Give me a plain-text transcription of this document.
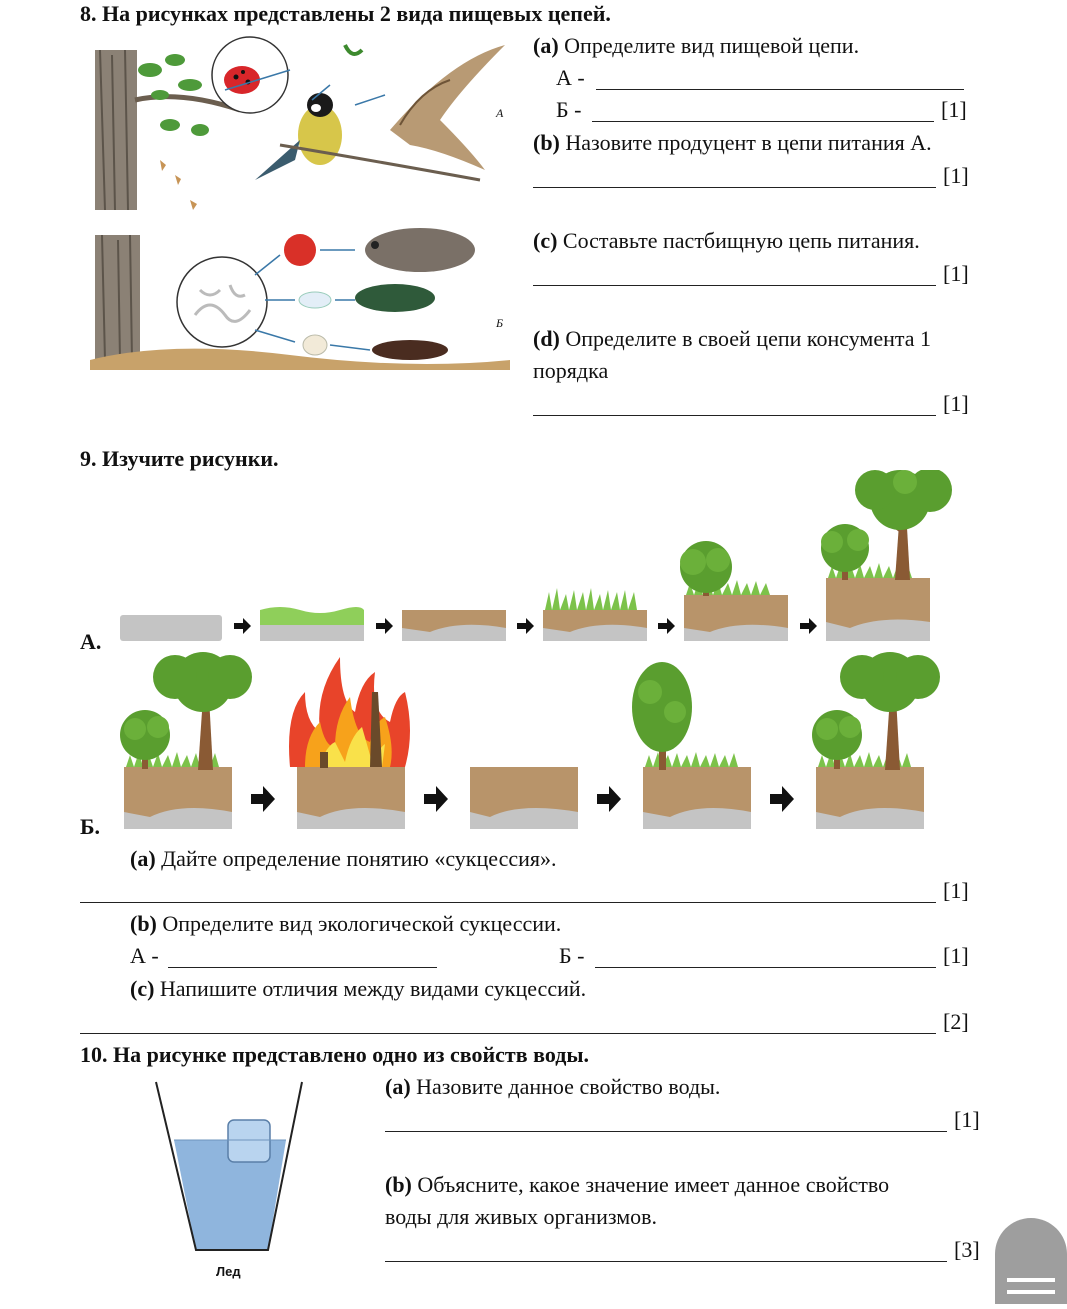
8. На рисунках представлены 2 вида пищевых цепей.
А
Б
(a) Определите вид пищевой цепи.
А -
Б -	[1]
(b) Назовите продуцент в цепи питания А.
[1]
(c) Составьте пастбищную цепь питания.
[1]
(d) Определите в своей цепи консумента 1
порядка
[1]
9. Изучите рисунки.
А.
Б.
(a) Дайте определение понятию «сукцессия».
[1]
(b) Определите вид экологической сукцессии.
А -	Б -	[1]
(c) Напишите отличия между видами сукцессий.
[2]
10. На рисунке представлено одно из свойств воды.
Лед
(a) Назовите данное свойство воды.
[1]
(b) Объясните, какое значение имеет данное свойство
воды для живых организмов.
[3]
